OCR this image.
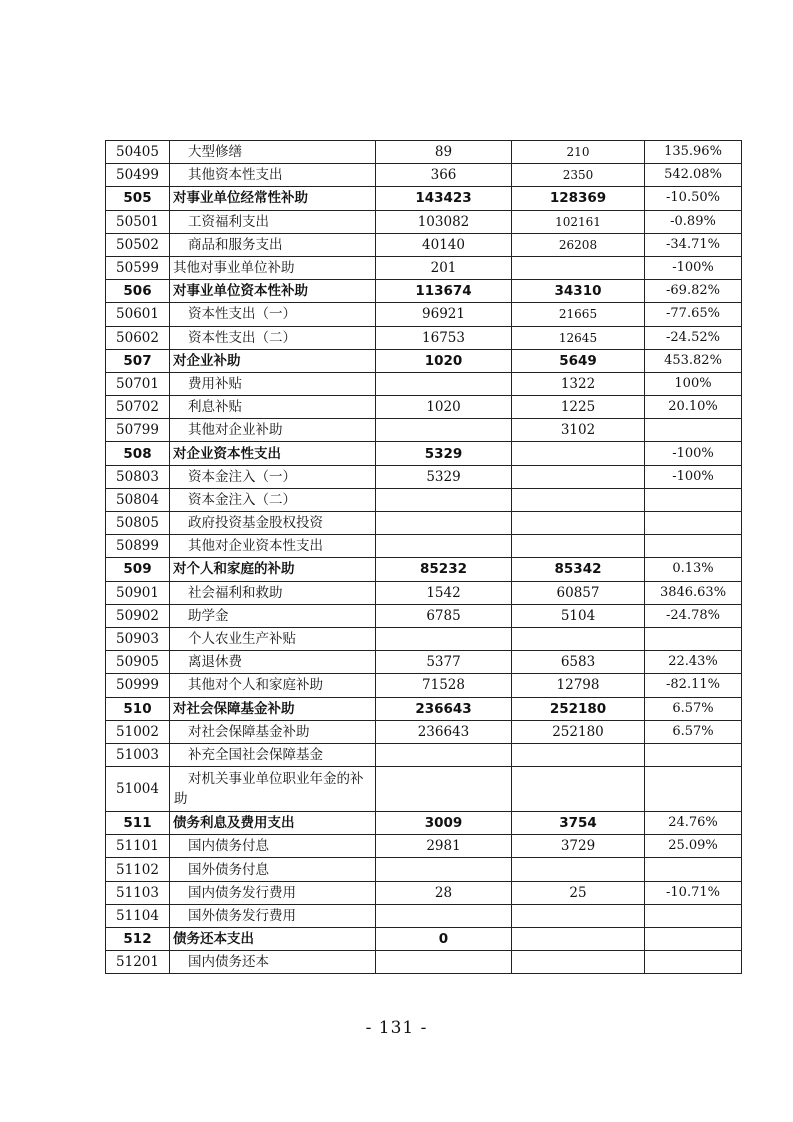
50405	大型修缮	89	210	135.96%
50499	其他资本性支出	366	2350	542.08%
505	对事业单位经常性补助	143423	128369	-10.50%
50501	工资福利支出	103082	102161	-0.89%
50502	商品和服务支出	40140	26208	-34.71%
50599	其他对事业单位补助	201		-100%
506	对事业单位资本性补助	113674	34310	-69.82%
50601	资本性支出（一）	96921	21665	-77.65%
50602	资本性支出（二）	16753	12645	-24.52%
507	对企业补助	1020	5649	453.82%
50701	费用补贴		1322	100%
50702	利息补贴	1020	1225	20.10%
50799	其他对企业补助		3102	
508	对企业资本性支出	5329		-100%
50803	资本金注入（一）	5329		-100%
50804	资本金注入（二）			
50805	政府投资基金股权投资			
50899	其他对企业资本性支出			
509	对个人和家庭的补助	85232	85342	0.13%
50901	社会福利和救助	1542	60857	3846.63%
50902	助学金	6785	5104	-24.78%
50903	个人农业生产补贴			
50905	离退休费	5377	6583	22.43%
50999	其他对个人和家庭补助	71528	12798	-82.11%
510	对社会保障基金补助	236643	252180	6.57%
51002	对社会保障基金补助	236643	252180	6.57%
51003	补充全国社会保障基金			
51004	对机关事业单位职业年金的补助			
511	债务利息及费用支出	3009	3754	24.76%
51101	国内债务付息	2981	3729	25.09%
51102	国外债务付息			
51103	国内债务发行费用	28	25	-10.71%
51104	国外债务发行费用			
512	债务还本支出	0		
51201	国内债务还本			
- 131 -
